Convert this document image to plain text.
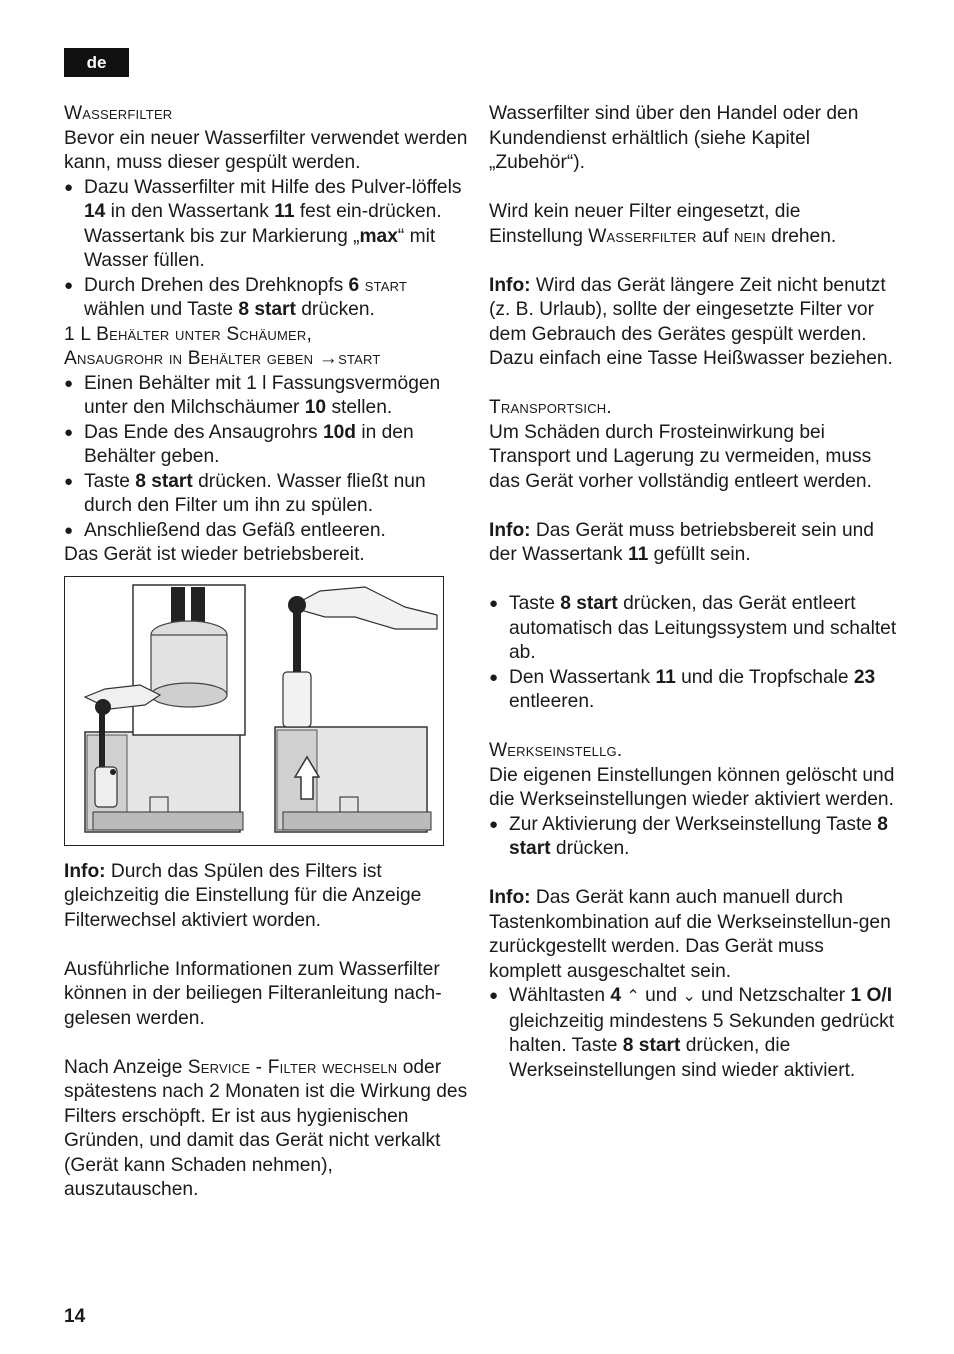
de

Wasserfilter

Bevor ein neuer Wasserfilter verwendet werden kann, muss dieser gespült werden.

● Dazu Wasserfilter mit Hilfe des Pulver-löffels 14 in den Wassertank 11 fest ein-drücken. Wassertank bis zur Markierung „max“ mit Wasser füllen.
● Durch Drehen des Drehknopfs 6 start wählen und Taste 8 start drücken.

1 L Behälter unter Schäumer,

Ansaugrohr in Behälter geben →start

● Einen Behälter mit 1 l Fassungsvermögen unter den Milchschäumer 10 stellen.
● Das Ende des Ansaugrohrs 10d in den Behälter geben.
● Taste 8 start drücken. Wasser fließt nun durch den Filter um ihn zu spülen.
● Anschließend das Gefäß entleeren.

Das Gerät ist wieder betriebsbereit.

Info: Durch das Spülen des Filters ist gleichzeitig die Einstellung für die Anzeige Filterwechsel aktiviert worden.

Ausführliche Informationen zum Wasserfilter können in der beiliegen Filteranleitung nach-gelesen werden.

Nach Anzeige Service - Filter wechseln oder spätestens nach 2 Monaten ist die Wirkung des Filters erschöpft. Er ist aus hygienischen Gründen, und damit das Gerät nicht verkalkt (Gerät kann Schaden nehmen), auszutauschen.

Wasserfilter sind über den Handel oder den Kundendienst erhältlich (siehe Kapitel „Zubehör“).

Wird kein neuer Filter eingesetzt, die Einstellung Wasserfilter auf nein drehen.

Info: Wird das Gerät längere Zeit nicht benutzt (z. B. Urlaub), sollte der eingesetzte Filter vor dem Gebrauch des Gerätes gespült werden. Dazu einfach eine Tasse Heißwasser beziehen.

Transportsich.

Um Schäden durch Frosteinwirkung bei Transport und Lagerung zu vermeiden, muss das Gerät vorher vollständig entleert werden.

Info: Das Gerät muss betriebsbereit sein und der Wassertank 11 gefüllt sein.

● Taste 8 start drücken, das Gerät entleert automatisch das Leitungssystem und schaltet ab.
● Den Wassertank 11 und die Tropfschale 23 entleeren.

Werkseinstellg.

Die eigenen Einstellungen können gelöscht und die Werkseinstellungen wieder aktiviert werden.

● Zur Aktivierung der Werkseinstellung Taste 8 start drücken.

Info: Das Gerät kann auch manuell durch Tastenkombination auf die Werkseinstellun-gen zurückgestellt werden. Das Gerät muss komplett ausgeschaltet sein.

● Wähltasten 4 ⌃ und ⌄ und Netzschalter 1 O/I gleichzeitig mindestens 5 Sekunden gedrückt halten. Taste 8 start drücken, die Werkseinstellungen sind wieder aktiviert.
14
